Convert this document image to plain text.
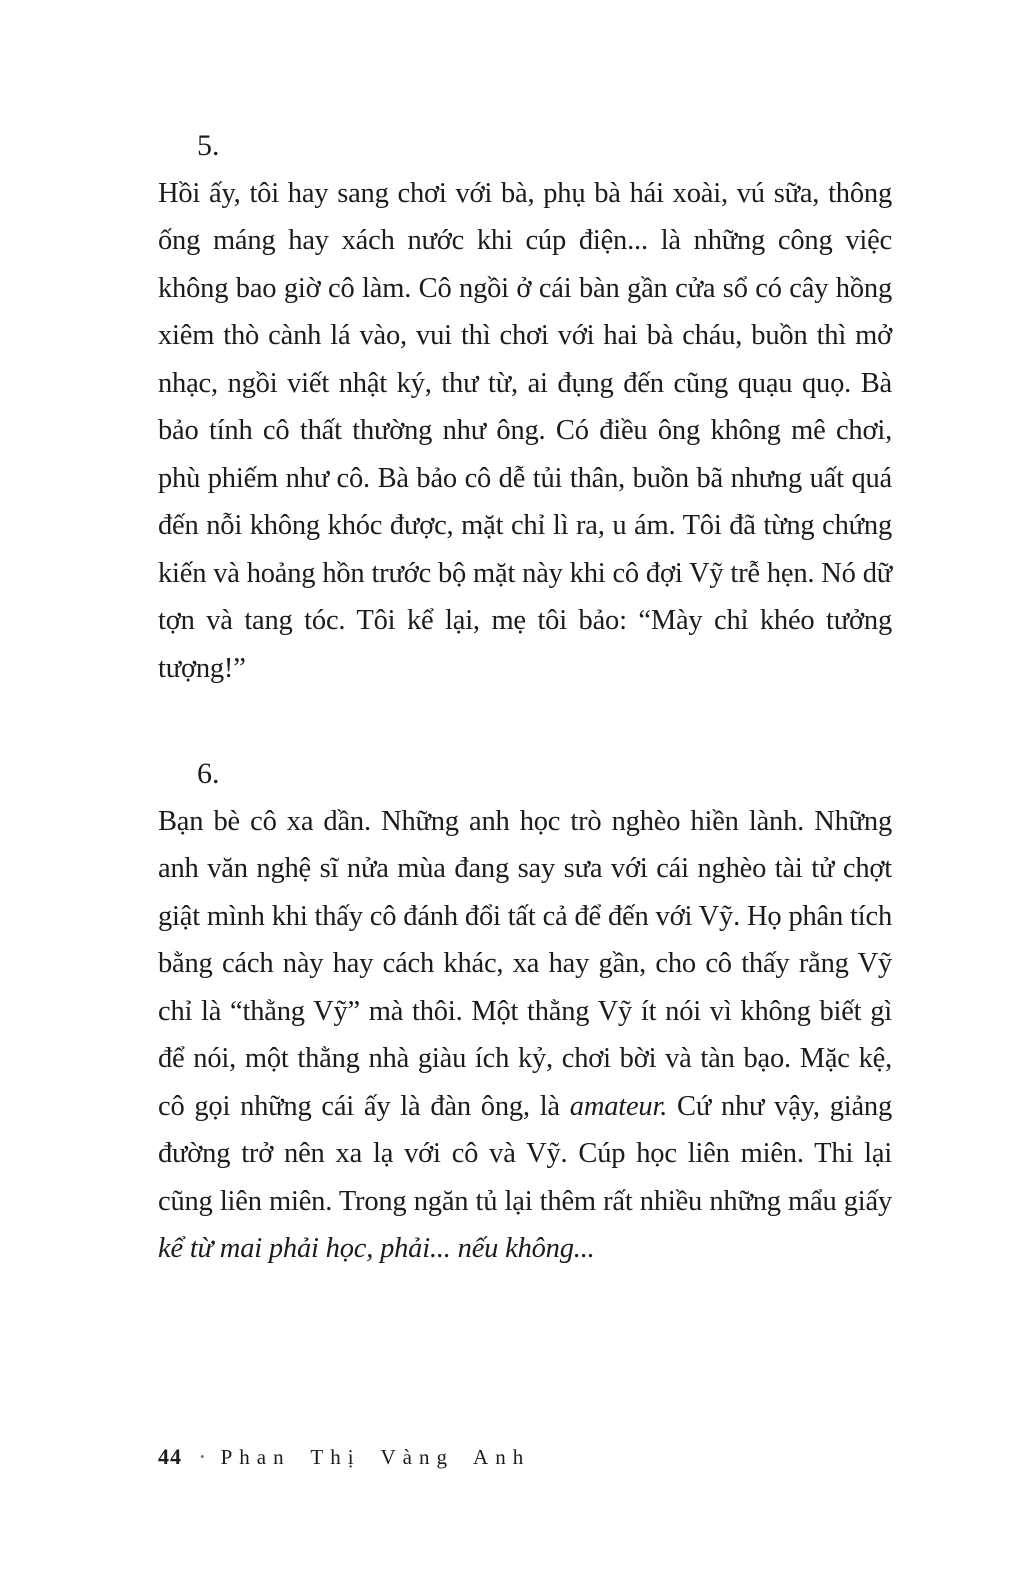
5.

Hồi ấy, tôi hay sang chơi với bà, phụ bà hái xoài, vú sữa, thông ống máng hay xách nước khi cúp điện... là những công việc không bao giờ cô làm. Cô ngồi ở cái bàn gần cửa sổ có cây hồng xiêm thò cành lá vào, vui thì chơi với hai bà cháu, buồn thì mở nhạc, ngồi viết nhật ký, thư từ, ai đụng đến cũng quạu quọ. Bà bảo tính cô thất thường như ông. Có điều ông không mê chơi, phù phiếm như cô. Bà bảo cô dễ tủi thân, buồn bã nhưng uất quá đến nỗi không khóc được, mặt chỉ lì ra, u ám. Tôi đã từng chứng kiến và hoảng hồn trước bộ mặt này khi cô đợi Vỹ trễ hẹn. Nó dữ tợn và tang tóc. Tôi kể lại, mẹ tôi bảo: “Mày chỉ khéo tưởng tượng!”

6.

Bạn bè cô xa dần. Những anh học trò nghèo hiền lành. Những anh văn nghệ sĩ nửa mùa đang say sưa với cái nghèo tài tử chợt giật mình khi thấy cô đánh đổi tất cả để đến với Vỹ. Họ phân tích bằng cách này hay cách khác, xa hay gần, cho cô thấy rằng Vỹ chỉ là “thằng Vỹ” mà thôi. Một thằng Vỹ ít nói vì không biết gì để nói, một thằng nhà giàu ích kỷ, chơi bời và tàn bạo. Mặc kệ, cô gọi những cái ấy là đàn ông, là amateur. Cứ như vậy, giảng đường trở nên xa lạ với cô và Vỹ. Cúp học liên miên. Thi lại cũng liên miên. Trong ngăn tủ lại thêm rất nhiều những mẩu giấy kể từ mai phải học, phải... nếu không...

44 • Phan Thị Vàng Anh
